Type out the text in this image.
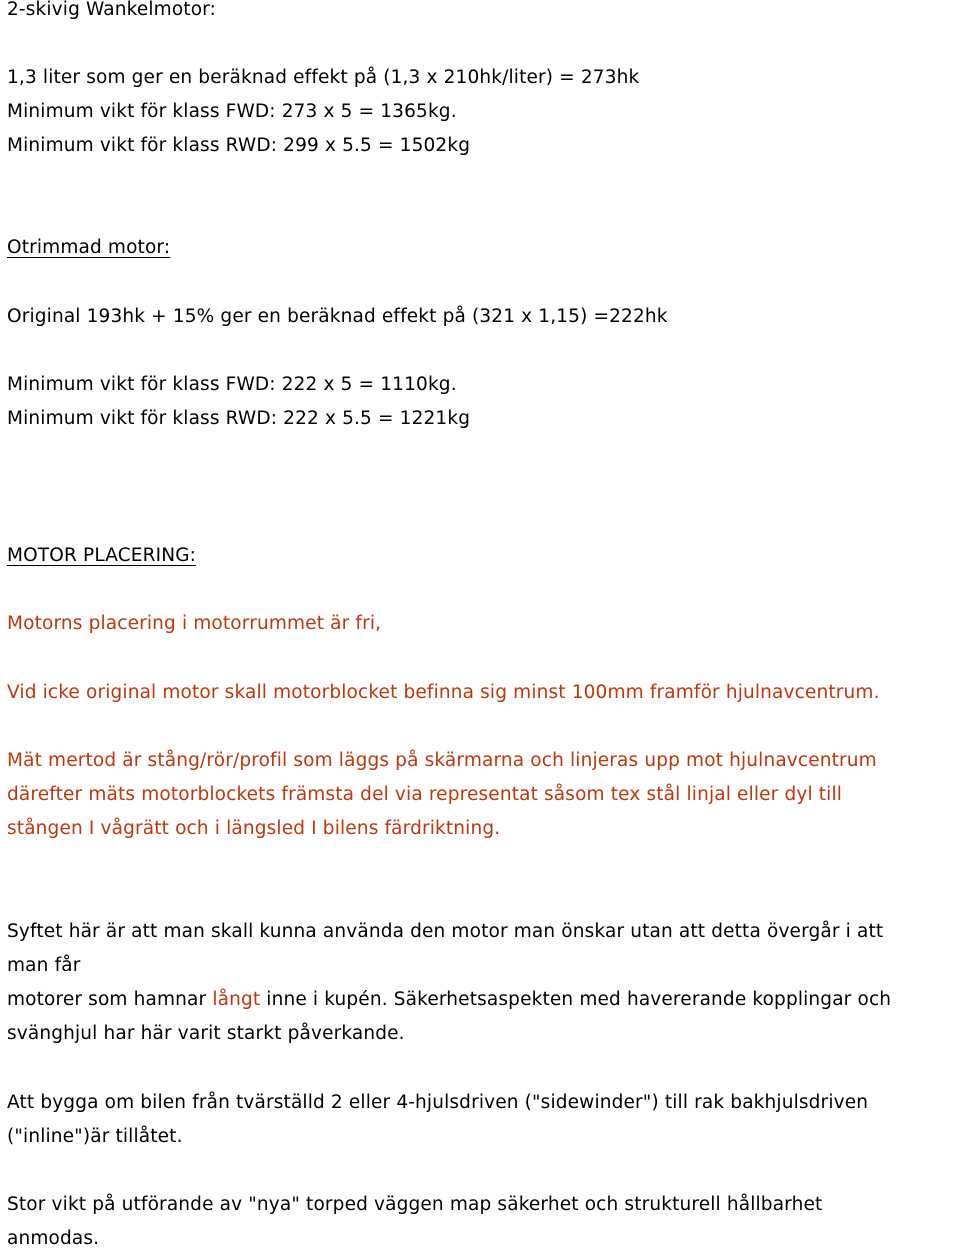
2-skivig Wankelmotor:
1,3 liter som ger en beräknad effekt på (1,3 x 210hk/liter) = 273hk
Minimum vikt för klass FWD: 273 x 5 = 1365kg.
Minimum vikt för klass RWD: 299 x 5.5 = 1502kg
Otrimmad motor:
Original 193hk + 15% ger en beräknad effekt på (321 x 1,15) =222hk
Minimum vikt för klass FWD: 222 x 5 = 1110kg.
Minimum vikt för klass RWD: 222 x 5.5 = 1221kg
MOTOR PLACERING:
Motorns placering i motorrummet är fri,
Vid icke original motor skall motorblocket befinna sig minst 100mm framför hjulnavcentrum.
Mät mertod är stång/rör/profil som läggs på skärmarna och linjeras upp mot hjulnavcentrum
därefter mäts motorblockets främsta del via representat såsom tex stål linjal eller dyl till
stången I vågrätt och i längsled I bilens färdriktning.
Syftet här är att man skall kunna använda den motor man önskar utan att detta övergår i att
man får
motorer som hamnar långt inne i kupén. Säkerhetsaspekten med havererande kopplingar och
svänghjul har här varit starkt påverkande.
Att bygga om bilen från tvärställd 2 eller 4-hjulsdriven ("sidewinder") till rak bakhjulsdriven
("inline")är tillåtet.
Stor vikt på utförande av "nya" torped väggen map säkerhet och strukturell hållbarhet
anmodas.
